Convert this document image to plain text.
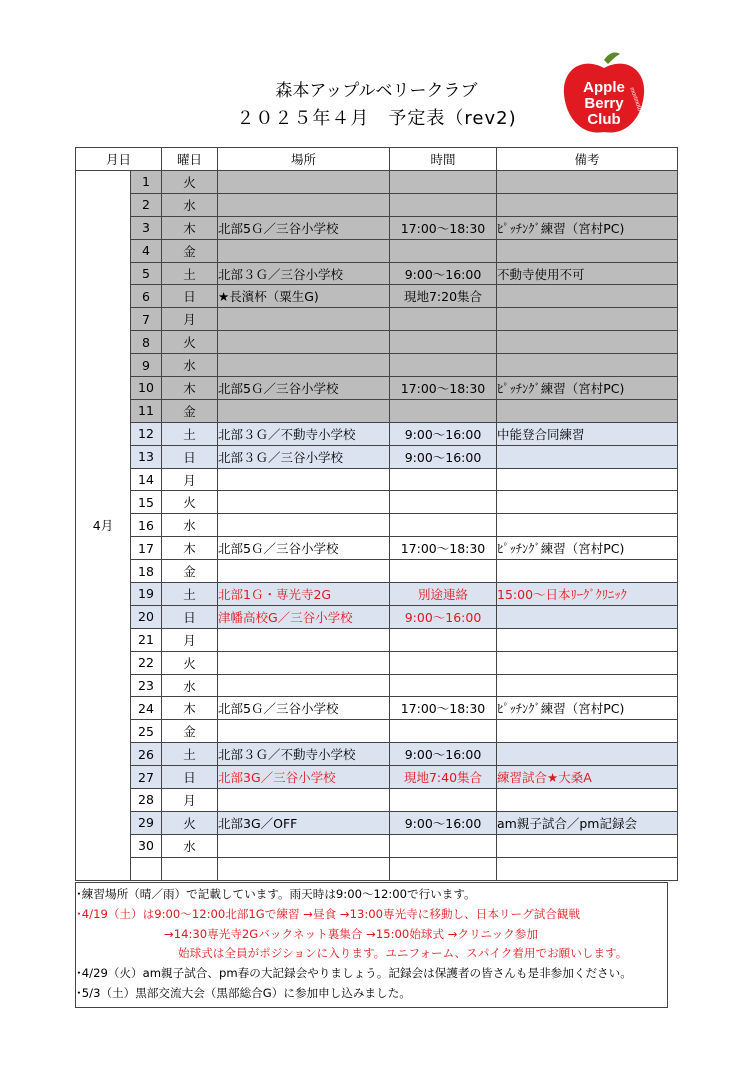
森本アップルベリークラブ
２０２５年４月　予定表（rev2)
Apple
Berry
Club
morimoto
月日		曜日	場所	時間	備考
4月	1	火			
	2	水			
	3	木	北部5Ｇ／三谷小学校	17:00～18:30	ﾋﾟｯﾁﾝｸﾞ練習（宮村PC)
	4	金			
	5	土	北部３Ｇ／三谷小学校	9:00～16:00	不動寺使用不可
	6	日	★長濱杯（粟生G)	現地7:20集合	
	7	月			
	8	火			
	9	水			
	10	木	北部5Ｇ／三谷小学校	17:00～18:30	ﾋﾟｯﾁﾝｸﾞ練習（宮村PC)
	11	金			
	12	土	北部３Ｇ／不動寺小学校	9:00～16:00	中能登合同練習
	13	日	北部３Ｇ／三谷小学校	9:00～16:00	
	14	月			
	15	火			
	16	水			
	17	木	北部5Ｇ／三谷小学校	17:00～18:30	ﾋﾟｯﾁﾝｸﾞ練習（宮村PC)
	18	金			
	19	土	北部1Ｇ・専光寺2G	別途連絡	15:00～日本ﾘｰｸﾞｸﾘﾆｯｸ
	20	日	津幡高校G／三谷小学校	9:00～16:00	
	21	月			
	22	火			
	23	水			
	24	木	北部5Ｇ／三谷小学校	17:00～18:30	ﾋﾟｯﾁﾝｸﾞ練習（宮村PC)
	25	金			
	26	土	北部３Ｇ／不動寺小学校	9:00～16:00	
	27	日	北部3G／三谷小学校	現地7:40集合	練習試合★大桑A
	28	月			
	29	火	北部3G／OFF	9:00～16:00	am親子試合／pm記録会
	30	水			

･練習場所（晴／雨）で記載しています。雨天時は9:00～12:00で行います。
･4/19（土）は9:00～12:00北部1Gで練習 →昼食 →13:00専光寺に移動し、日本リーグ試合観戦
→14:30専光寺2Gバックネット裏集合 →15:00始球式 →クリニック参加
始球式は全員がポジションに入ります。ユニフォーム、スパイク着用でお願いします。
･4/29（火）am親子試合、pm春の大記録会やりましょう。記録会は保護者の皆さんも是非参加ください。
･5/3（土）黒部交流大会（黒部総合G）に参加申し込みました。
